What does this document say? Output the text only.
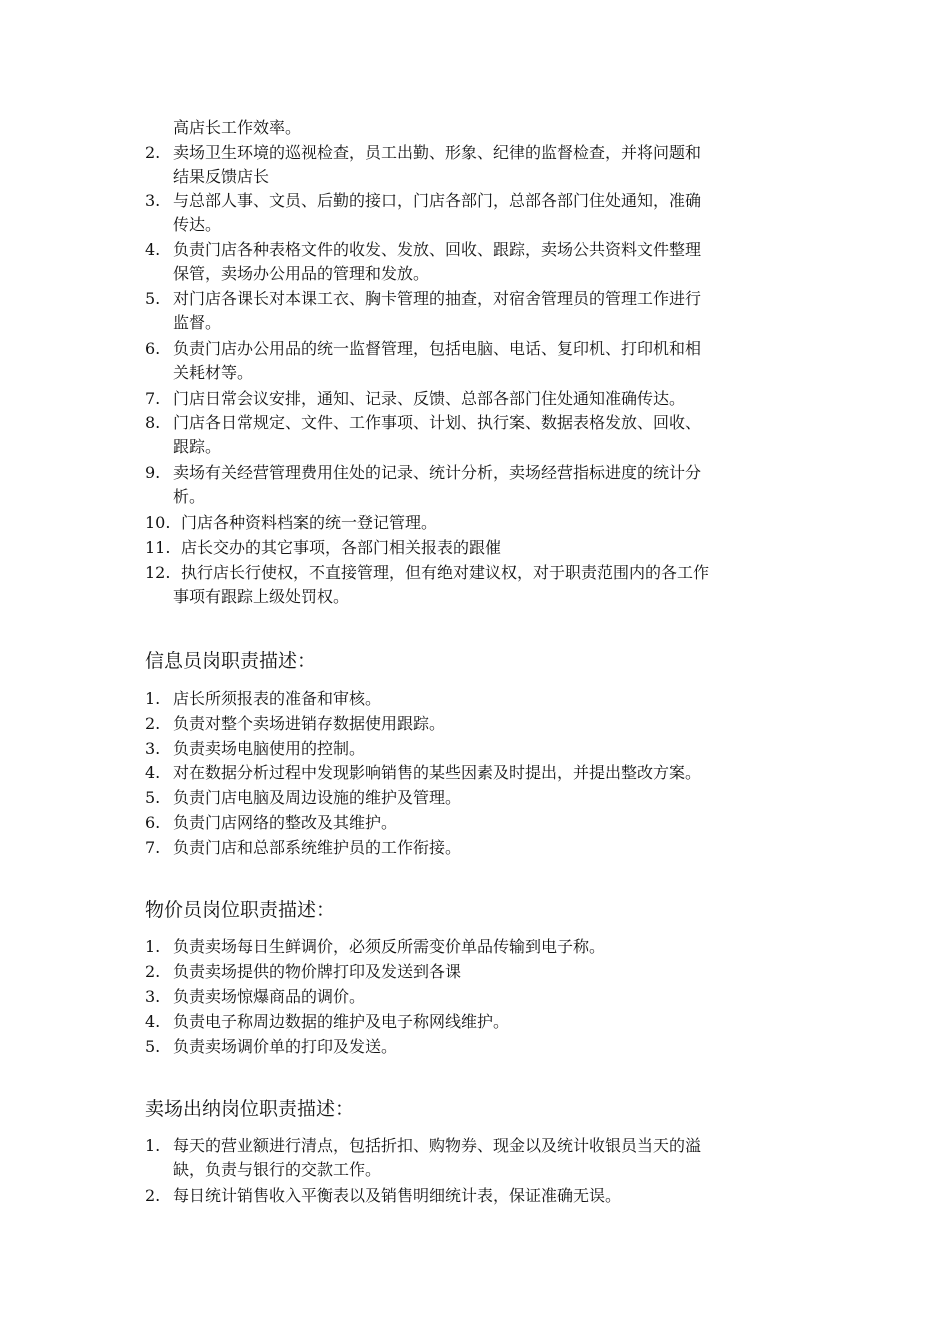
高店长工作效率。
2. 卖场卫生环境的巡视检查，员工出勤、形象、纪律的监督检查，并将问题和
结果反馈店长
3. 与总部人事、文员、后勤的接口，门店各部门，总部各部门住处通知，准确
传达。
4. 负责门店各种表格文件的收发、发放、回收、跟踪，卖场公共资料文件整理
保管，卖场办公用品的管理和发放。
5. 对门店各课长对本课工衣、胸卡管理的抽查，对宿舍管理员的管理工作进行
监督。
6. 负责门店办公用品的统一监督管理，包括电脑、电话、复印机、打印机和相
关耗材等。
7. 门店日常会议安排，通知、记录、反馈、总部各部门住处通知准确传达。
8. 门店各日常规定、文件、工作事项、计划、执行案、数据表格发放、回收、
跟踪。
9. 卖场有关经营管理费用住处的记录、统计分析，卖场经营指标进度的统计分
析。
10. 门店各种资料档案的统一登记管理。
11. 店长交办的其它事项，各部门相关报表的跟催
12. 执行店长行使权，不直接管理，但有绝对建议权，对于职责范围内的各工作
事项有跟踪上级处罚权。
信息员岗职责描述：
1. 店长所须报表的准备和审核。
2. 负责对整个卖场进销存数据使用跟踪。
3. 负责卖场电脑使用的控制。
4. 对在数据分析过程中发现影响销售的某些因素及时提出，并提出整改方案。
5. 负责门店电脑及周边设施的维护及管理。
6. 负责门店网络的整改及其维护。
7. 负责门店和总部系统维护员的工作衔接。
物价员岗位职责描述：
1. 负责卖场每日生鲜调价，必须反所需变价单品传输到电子称。
2. 负责卖场提供的物价牌打印及发送到各课
3. 负责卖场惊爆商品的调价。
4. 负责电子称周边数据的维护及电子称网线维护。
5. 负责卖场调价单的打印及发送。
卖场出纳岗位职责描述：
1. 每天的营业额进行清点，包括折扣、购物券、现金以及统计收银员当天的溢
缺，负责与银行的交款工作。
2. 每日统计销售收入平衡表以及销售明细统计表，保证准确无误。
